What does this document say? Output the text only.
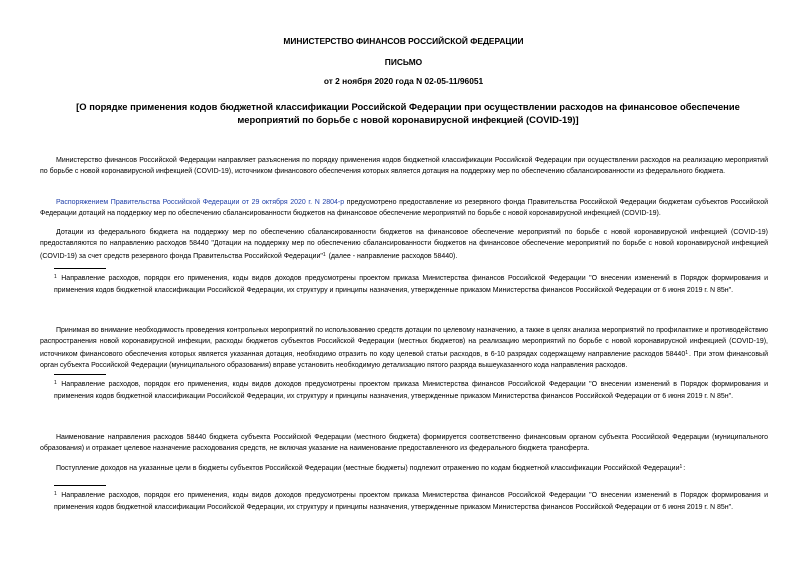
МИНИСТЕРСТВО ФИНАНСОВ РОССИЙСКОЙ ФЕДЕРАЦИИ
ПИСЬМО
от 2 ноября 2020 года N 02-05-11/96051
[О порядке применения кодов бюджетной классификации Российской Федерации при осуществлении расходов на финансовое обеспечение мероприятий по борьбе с новой коронавирусной инфекцией (COVID-19)]
Министерство финансов Российской Федерации направляет разъяснения по порядку применения кодов бюджетной классификации Российской Федерации при осуществлении расходов на реализацию мероприятий по борьбе с новой коронавирусной инфекцией (COVID-19), источником финансового обеспечения которых является дотация на поддержку мер по обеспечению сбалансированности из федерального бюджета.
Распоряжением Правительства Российской Федерации от 29 октября 2020 г. N 2804-р предусмотрено предоставление из резервного фонда Правительства Российской Федерации бюджетам субъектов Российской Федерации дотаций на поддержку мер по обеспечению сбалансированности бюджетов на финансовое обеспечение мероприятий по борьбе с новой коронавирусной инфекцией (COVID-19).
Дотации из федерального бюджета на поддержку мер по обеспечению сбалансированности бюджетов на финансовое обеспечение мероприятий по борьбе с новой коронавирусной инфекцией (COVID-19) предоставляются по направлению расходов 58440 "Дотации на поддержку мер по обеспечению сбалансированности бюджетов на финансовое обеспечение мероприятий по борьбе с новой коронавирусной инфекцией (COVID-19) за счет средств резервного фонда Правительства Российской Федерации"$^1$ (далее - направление расходов 58440).
$^1$ Направление расходов, порядок его применения, коды видов доходов предусмотрены проектом приказа Министерства финансов Российской Федерации "О внесении изменений в Порядок формирования и применения кодов бюджетной классификации Российской Федерации, их структуру и принципы назначения, утвержденные приказом Министерства финансов Российской Федерации от 6 июня 2019 г. N 85н".
Принимая во внимание необходимость проведения контрольных мероприятий по использованию средств дотации по целевому назначению, а также в целях анализа мероприятий по профилактике и противодействию распространения новой коронавирусной инфекции, расходы бюджетов субъектов Российской Федерации (местных бюджетов) на реализацию мероприятий по борьбе с новой коронавирусной инфекцией (COVID-19), источником финансового обеспечения которых является указанная дотация, необходимо отразить по коду целевой статьи расходов, в 6-10 разрядах содержащему направление расходов 58440$^1$. При этом финансовый орган субъекта Российской Федерации (муниципального образования) вправе установить необходимую детализацию пятого разряда вышеуказанного кода направления расходов.
$^1$ Направление расходов, порядок его применения, коды видов доходов предусмотрены проектом приказа Министерства финансов Российской Федерации "О внесении изменений в Порядок формирования и применения кодов бюджетной классификации Российской Федерации, их структуру и принципы назначения, утвержденные приказом Министерства финансов Российской Федерации от 6 июня 2019 г. N 85н".
Наименование направления расходов 58440 бюджета субъекта Российской Федерации (местного бюджета) формируется соответственно финансовым органом субъекта Российской Федерации (муниципального образования) и отражает целевое назначение расходования средств, не включая указание на наименование предоставленного из федерального бюджета трансферта.
Поступление доходов на указанные цели в бюджеты субъектов Российской Федерации (местные бюджеты) подлежит отражению по кодам бюджетной классификации Российской Федерации$^1$:
$^1$ Направление расходов, порядок его применения, коды видов доходов предусмотрены проектом приказа Министерства финансов Российской Федерации "О внесении изменений в Порядок формирования и применения кодов бюджетной классификации Российской Федерации, их структуру и принципы назначения, утвержденные приказом Министерства финансов Российской Федерации от 6 июня 2019 г. N 85н".
